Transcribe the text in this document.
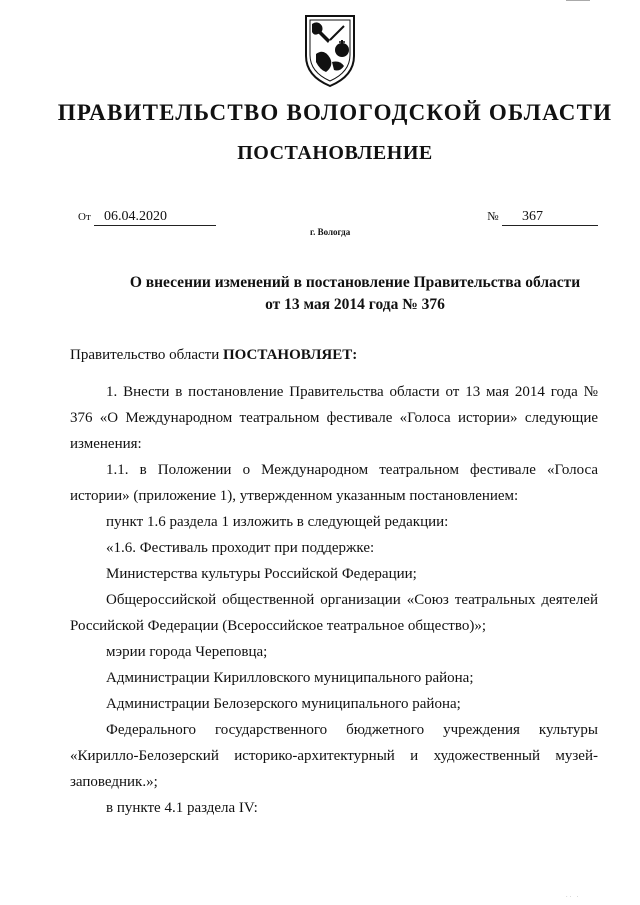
ПРАВИТЕЛЬСТВО ВОЛОГОДСКОЙ ОБЛАСТИ
ПОСТАНОВЛЕНИЕ
От 06.04.2020
г. Вологда
№ 367
О внесении изменений в постановление Правительства области
от 13 мая 2014 года № 376

Правительство области ПОСТАНОВЛЯЕТ:

1. Внести в постановление Правительства области от 13 мая 2014 года № 376 «О Международном театральном фестивале «Голоса истории» следующие изменения:

1.1. в Положении о Международном театральном фестивале «Голоса истории» (приложение 1), утвержденном указанным постановлением:

пункт 1.6 раздела 1 изложить в следующей редакции:

«1.6. Фестиваль проходит при поддержке:

Министерства культуры Российской Федерации;

Общероссийской общественной организации «Союз театральных деятелей Российской Федерации (Всероссийское театральное общество)»;

мэрии города Череповца;

Администрации Кирилловского муниципального района;

Администрации Белозерского муниципального района;

Федерального государственного бюджетного учреждения культуры «Кирилло-Белозерский историко-архитектурный и художественный музей-заповедник.»;

в пункте 4.1 раздела IV:

·· ·
